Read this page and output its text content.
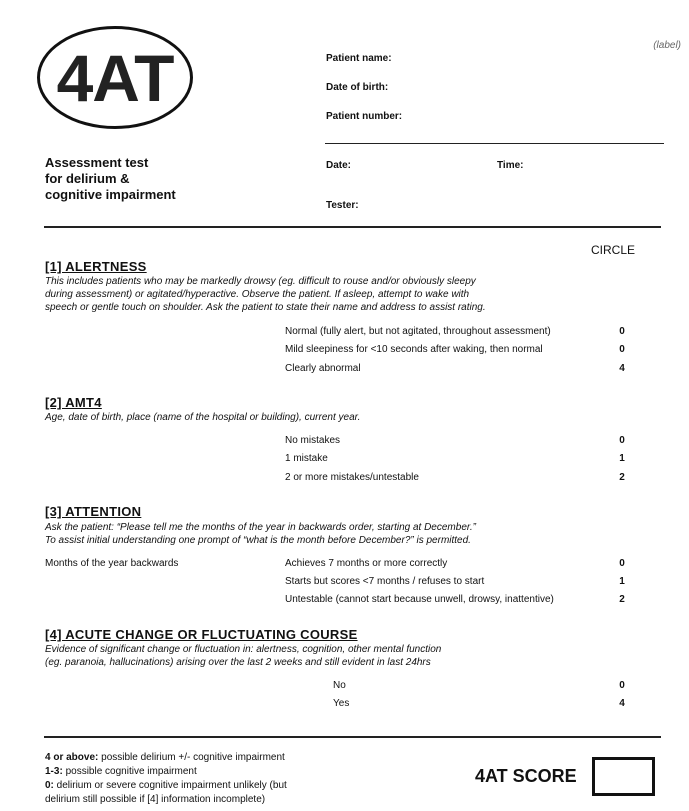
4AT	(label)
Patient name:
Date of birth:
Patient number:
Date:	Time:
Tester:
Assessment test
for delirium &
cognitive impairment
CIRCLE
[1] ALERTNESS
This includes patients who may be markedly drowsy (eg. difficult to rouse and/or obviously sleepy
during assessment) or agitated/hyperactive. Observe the patient. If asleep, attempt to wake with
speech or gentle touch on shoulder. Ask the patient to state their name and address to assist rating.
Normal (fully alert, but not agitated, throughout assessment)	0
Mild sleepiness for <10 seconds after waking, then normal	0
Clearly abnormal	4
[2] AMT4
Age, date of birth, place (name of the hospital or building), current year.
No mistakes	0
1 mistake	1
2 or more mistakes/untestable	2
[3] ATTENTION
Ask the patient: “Please tell me the months of the year in backwards order, starting at December.”
To assist initial understanding one prompt of “what is the month before December?” is permitted.
Months of the year backwards	Achieves 7 months or more correctly	0
Starts but scores <7 months / refuses to start	1
Untestable (cannot start because unwell, drowsy, inattentive)	2
[4] ACUTE CHANGE OR FLUCTUATING COURSE
Evidence of significant change or fluctuation in: alertness, cognition, other mental function
(eg. paranoia, hallucinations) arising over the last 2 weeks and still evident in last 24hrs
No	0
Yes	4
4 or above: possible delirium +/- cognitive impairment
1-3: possible cognitive impairment
0: delirium or severe cognitive impairment unlikely (but
delirium still possible if [4] information incomplete)
4AT SCORE
